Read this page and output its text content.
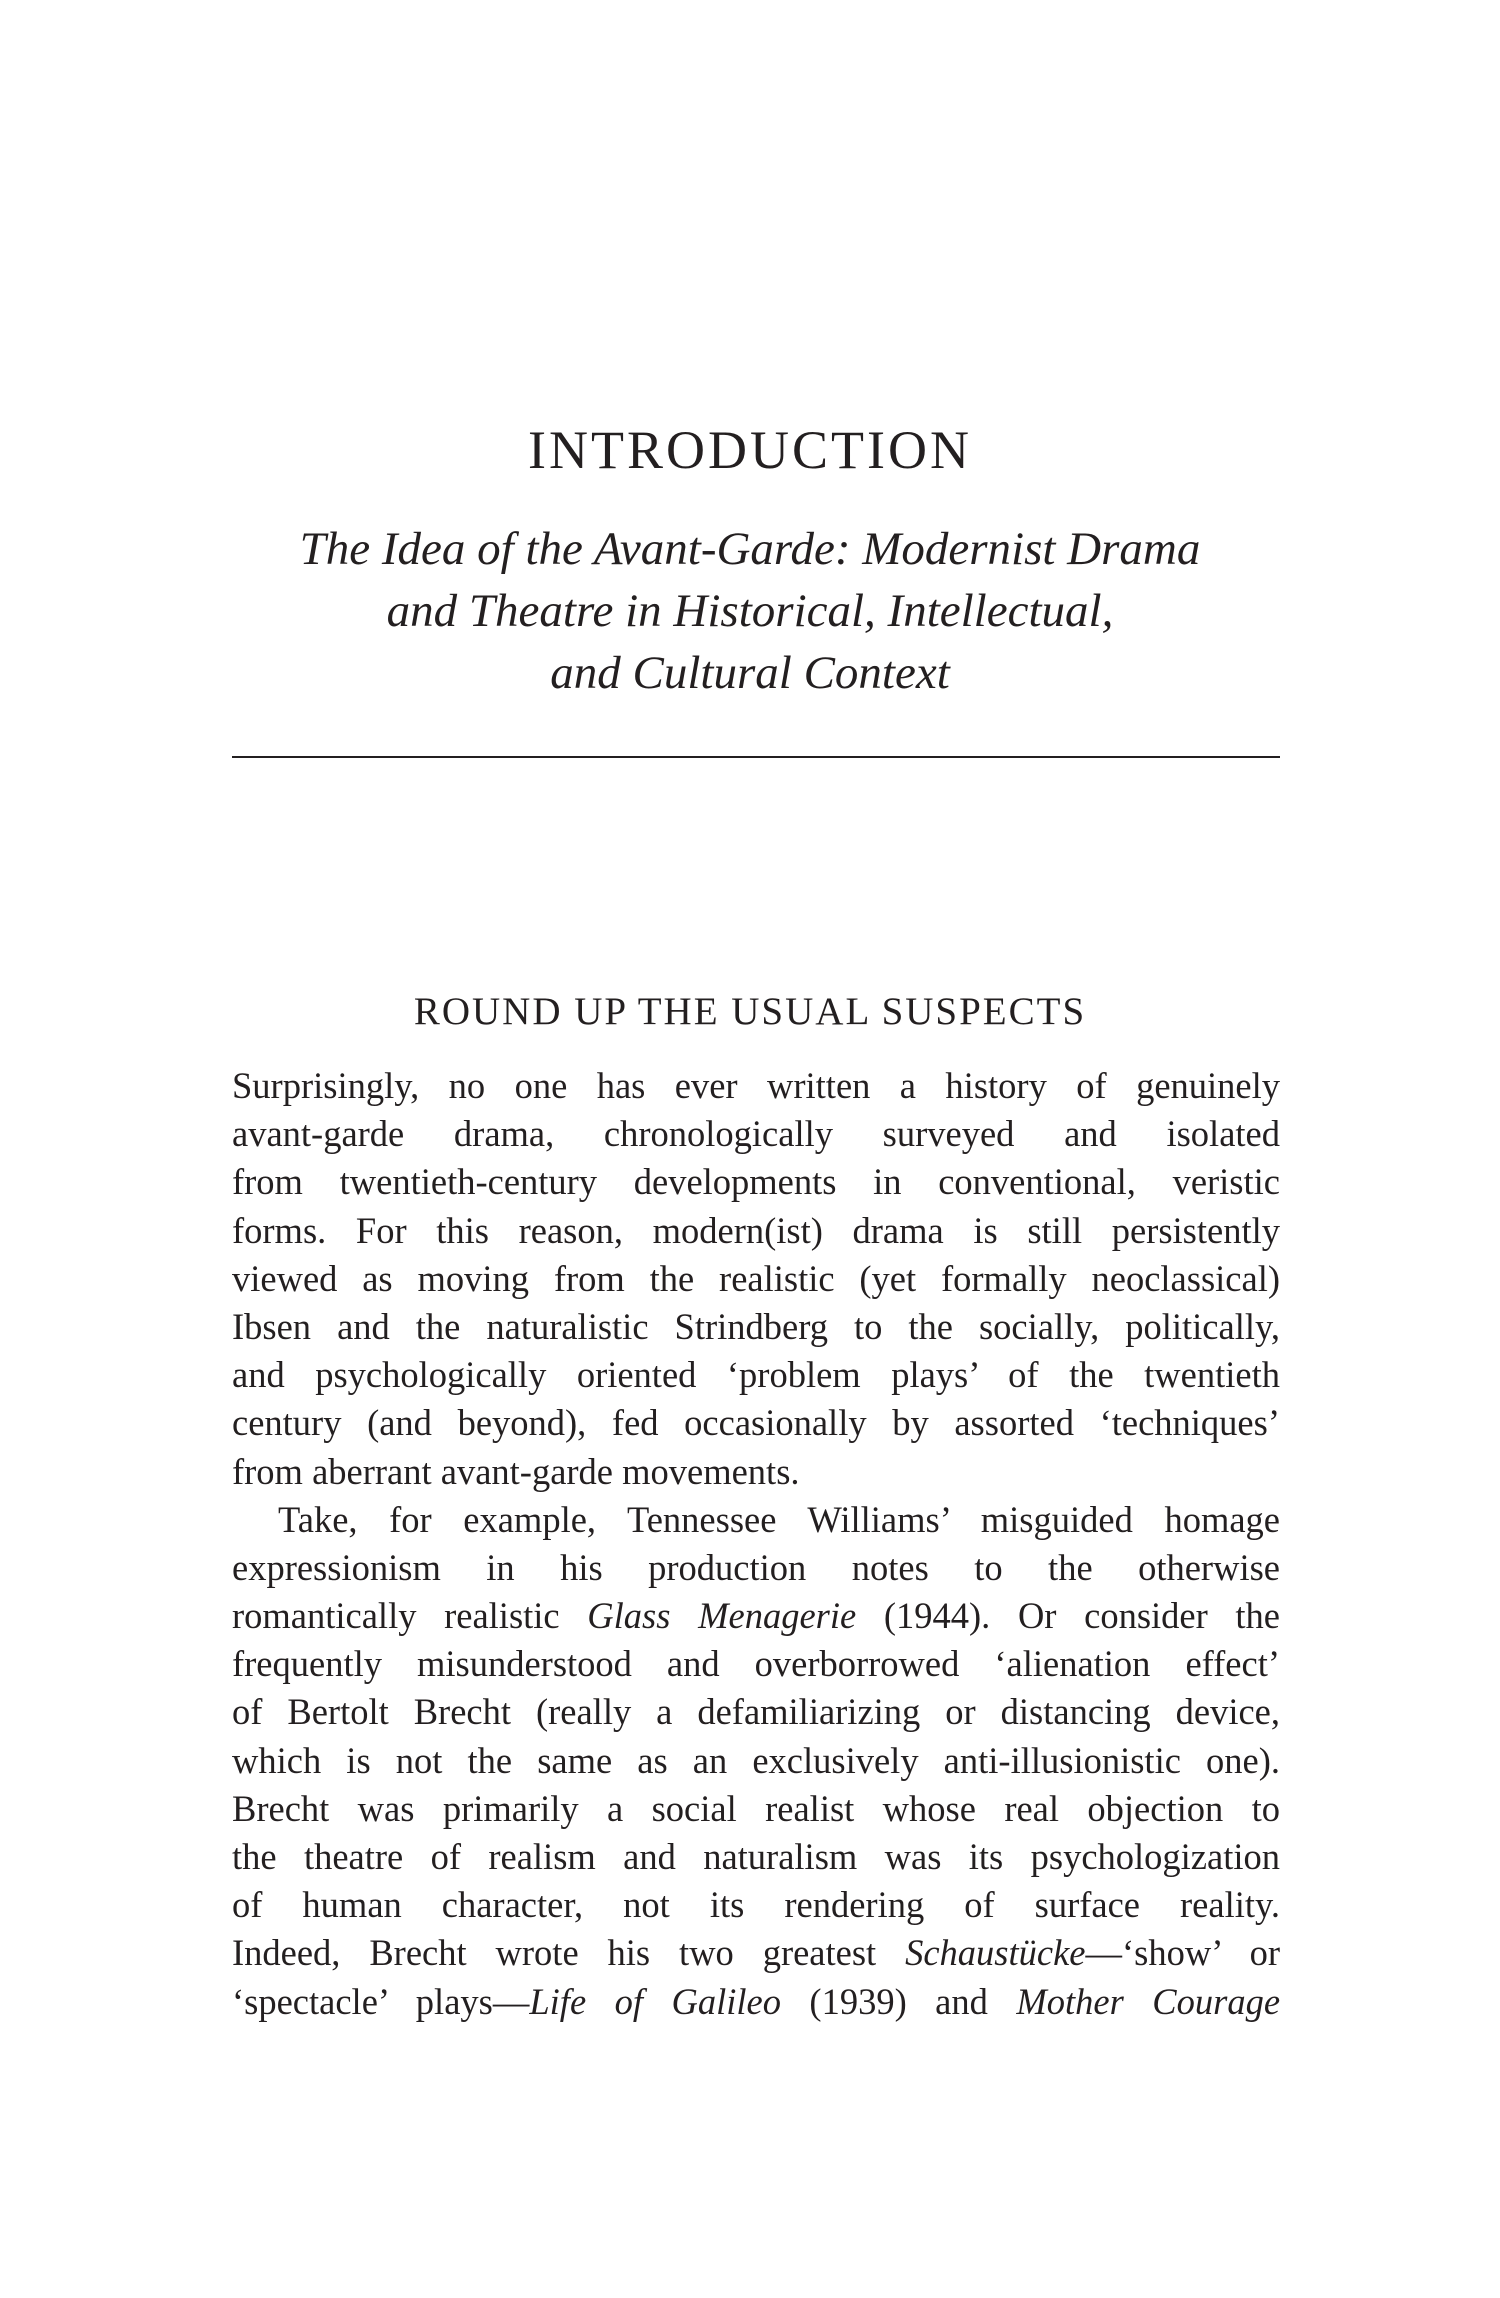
INTRODUCTION
The Idea of the Avant-Garde: Modernist Drama
and Theatre in Historical, Intellectual,
and Cultural Context
ROUND UP THE USUAL SUSPECTS
Surprisingly, no one has ever written a history of genuinely
avant-garde drama, chronologically surveyed and isolated
from twentieth-century developments in conventional, veristic
forms. For this reason, modern(ist) drama is still persistently
viewed as moving from the realistic (yet formally neoclassical)
Ibsen and the naturalistic Strindberg to the socially, politically,
and psychologically oriented ‘problem plays’ of the twentieth
century (and beyond), fed occasionally by assorted ‘techniques’
from aberrant avant-garde movements.
Take, for example, Tennessee Williams’ misguided homage
expressionism in his production notes to the otherwise
romantically realistic Glass Menagerie (1944). Or consider the
frequently misunderstood and overborrowed ‘alienation effect’
of Bertolt Brecht (really a defamiliarizing or distancing device,
which is not the same as an exclusively anti-illusionistic one).
Brecht was primarily a social realist whose real objection to
the theatre of realism and naturalism was its psychologization
of human character, not its rendering of surface reality.
Indeed, Brecht wrote his two greatest Schaustücke—‘show’ or
‘spectacle’ plays—Life of Galileo (1939) and Mother Courage
